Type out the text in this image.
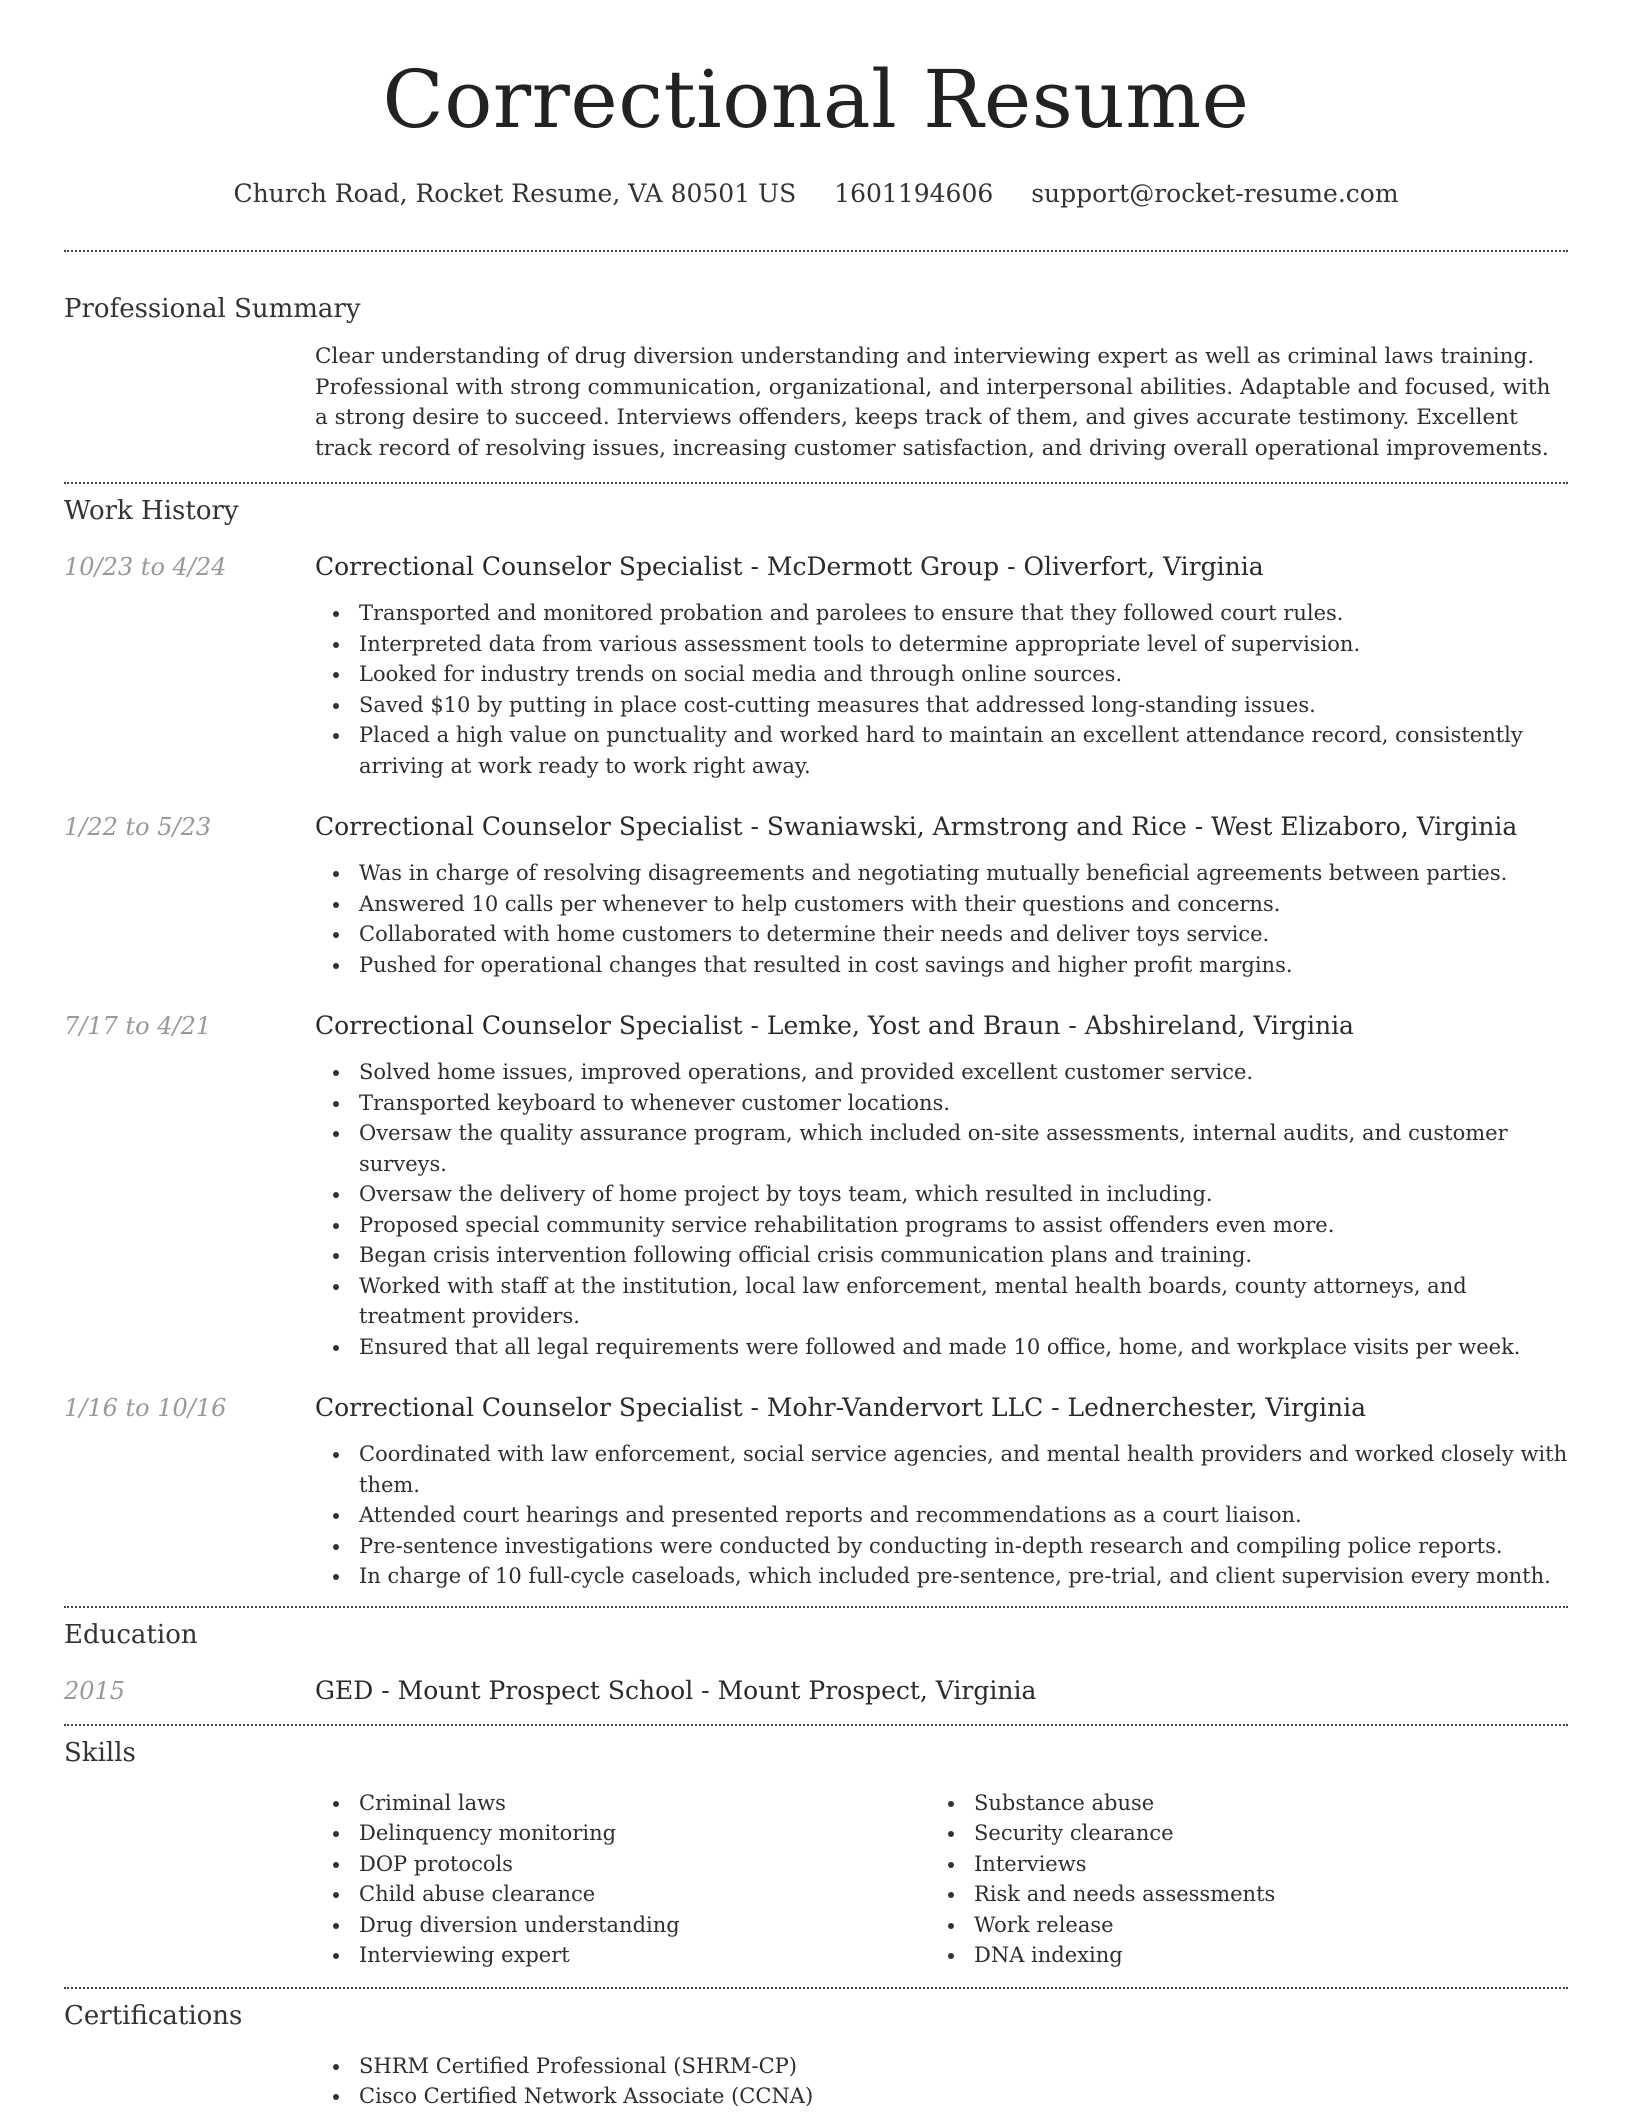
Correctional Resume
Church Road, Rocket Resume, VA 80501 US 1601194606 support@rocket-resume.com
Professional Summary
Clear understanding of drug diversion understanding and interviewing expert as well as criminal laws training. Professional with strong communication, organizational, and interpersonal abilities. Adaptable and focused, with a strong desire to succeed. Interviews offenders, keeps track of them, and gives accurate testimony. Excellent track record of resolving issues, increasing customer satisfaction, and driving overall operational improvements.
Work History
10/23 to 4/24	Correctional Counselor Specialist - McDermott Group - Oliverfort, Virginia
Transported and monitored probation and parolees to ensure that they followed court rules.
Interpreted data from various assessment tools to determine appropriate level of supervision.
Looked for industry trends on social media and through online sources.
Saved $10 by putting in place cost-cutting measures that addressed long-standing issues.
Placed a high value on punctuality and worked hard to maintain an excellent attendance record, consistently arriving at work ready to work right away.
1/22 to 5/23	Correctional Counselor Specialist - Swaniawski, Armstrong and Rice - West Elizaboro, Virginia
Was in charge of resolving disagreements and negotiating mutually beneficial agreements between parties.
Answered 10 calls per whenever to help customers with their questions and concerns.
Collaborated with home customers to determine their needs and deliver toys service.
Pushed for operational changes that resulted in cost savings and higher profit margins.
7/17 to 4/21	Correctional Counselor Specialist - Lemke, Yost and Braun - Abshireland, Virginia
Solved home issues, improved operations, and provided excellent customer service.
Transported keyboard to whenever customer locations.
Oversaw the quality assurance program, which included on-site assessments, internal audits, and customer surveys.
Oversaw the delivery of home project by toys team, which resulted in including.
Proposed special community service rehabilitation programs to assist offenders even more.
Began crisis intervention following official crisis communication plans and training.
Worked with staff at the institution, local law enforcement, mental health boards, county attorneys, and treatment providers.
Ensured that all legal requirements were followed and made 10 office, home, and workplace visits per week.
1/16 to 10/16	Correctional Counselor Specialist - Mohr-Vandervort LLC - Lednerchester, Virginia
Coordinated with law enforcement, social service agencies, and mental health providers and worked closely with them.
Attended court hearings and presented reports and recommendations as a court liaison.
Pre-sentence investigations were conducted by conducting in-depth research and compiling police reports.
In charge of 10 full-cycle caseloads, which included pre-sentence, pre-trial, and client supervision every month.
Education
2015	GED - Mount Prospect School - Mount Prospect, Virginia
Skills
Criminal laws
Delinquency monitoring
DOP protocols
Child abuse clearance
Drug diversion understanding
Interviewing expert
Substance abuse
Security clearance
Interviews
Risk and needs assessments
Work release
DNA indexing
Certifications
SHRM Certified Professional (SHRM-CP)
Cisco Certified Network Associate (CCNA)
